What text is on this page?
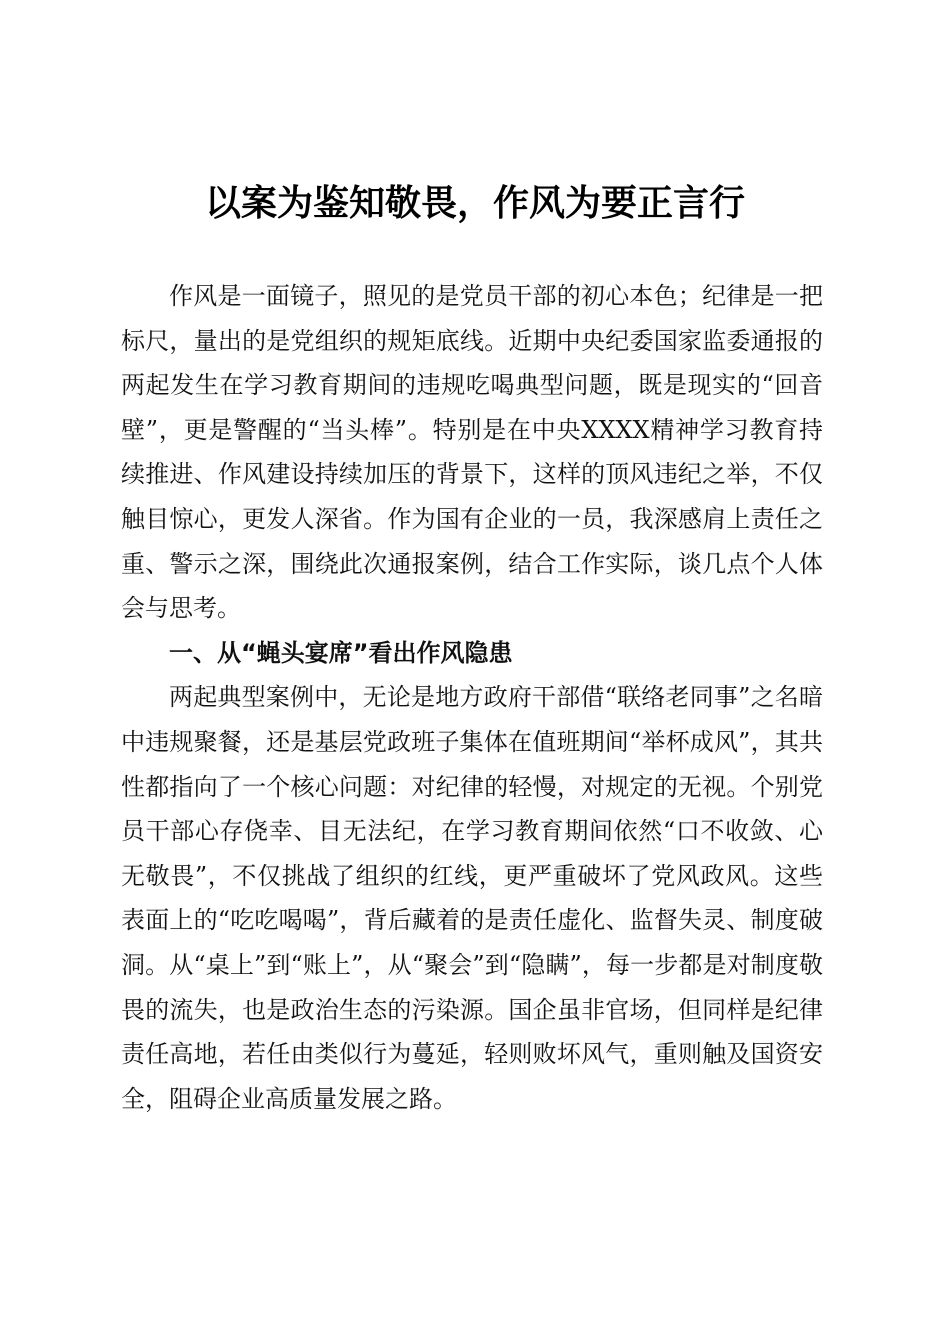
以案为鉴知敬畏，作风为要正言行

作风是一面镜子，照见的是党员干部的初心本色；纪律是一把标尺，量出的是党组织的规矩底线。近期中央纪委国家监委通报的两起发生在学习教育期间的违规吃喝典型问题，既是现实的“回音壁”，更是警醒的“当头棒”。特别是在中央XXXX精神学习教育持续推进、作风建设持续加压的背景下，这样的顶风违纪之举，不仅触目惊心，更发人深省。作为国有企业的一员，我深感肩上责任之重、警示之深，围绕此次通报案例，结合工作实际，谈几点个人体会与思考。

一、从“蝇头宴席”看出作风隐患

两起典型案例中，无论是地方政府干部借“联络老同事”之名暗中违规聚餐，还是基层党政班子集体在值班期间“举杯成风”，其共性都指向了一个核心问题：对纪律的轻慢，对规定的无视。个别党员干部心存侥幸、目无法纪，在学习教育期间依然“口不收敛、心无敬畏”，不仅挑战了组织的红线，更严重破坏了党风政风。这些表面上的“吃吃喝喝”，背后藏着的是责任虚化、监督失灵、制度破洞。从“桌上”到“账上”，从“聚会”到“隐瞒”，每一步都是对制度敬畏的流失，也是政治生态的污染源。国企虽非官场，但同样是纪律责任高地，若任由类似行为蔓延，轻则败坏风气，重则触及国资安全，阻碍企业高质量发展之路。
